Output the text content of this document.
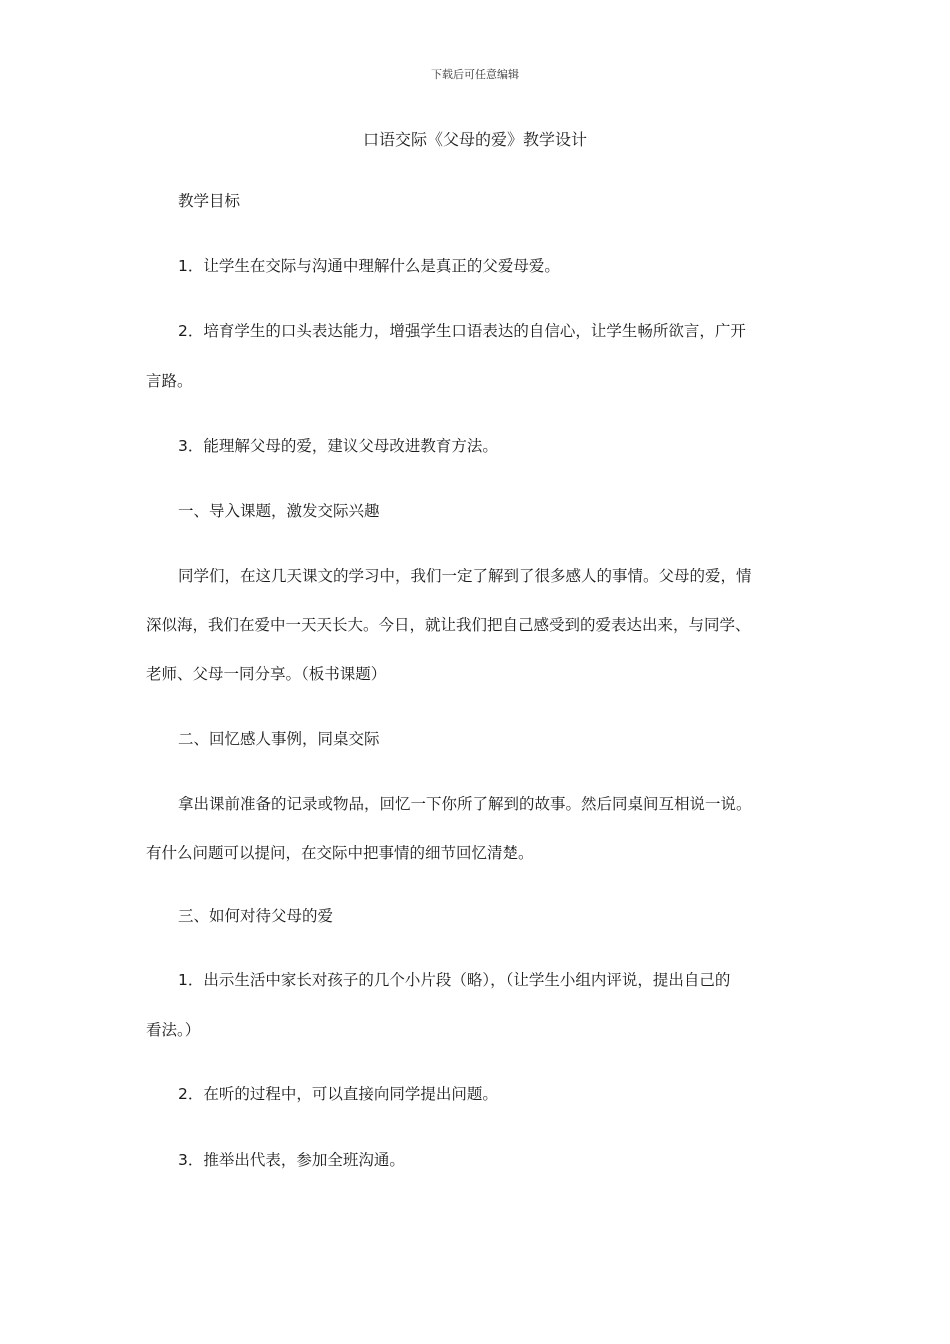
下载后可任意编辑
口语交际《父母的爱》教学设计
教学目标
1．让学生在交际与沟通中理解什么是真正的父爱母爱。
2．培育学生的口头表达能力，增强学生口语表达的自信心，让学生畅所欲言，广开
言路。
3．能理解父母的爱，建议父母改进教育方法。
一、导入课题，激发交际兴趣
同学们，在这几天课文的学习中，我们一定了解到了很多感人的事情。父母的爱，情
深似海，我们在爱中一天天长大。今日，就让我们把自己感受到的爱表达出来，与同学、
老师、父母一同分享。（板书课题）
二、回忆感人事例，同桌交际
拿出课前准备的记录或物品，回忆一下你所了解到的故事。然后同桌间互相说一说。
有什么问题可以提问，在交际中把事情的细节回忆清楚。
三、如何对待父母的爱
1．出示生活中家长对孩子的几个小片段（略），（让学生小组内评说，提出自己的
看法。）
2．在听的过程中，可以直接向同学提出问题。
3．推举出代表，参加全班沟通。
